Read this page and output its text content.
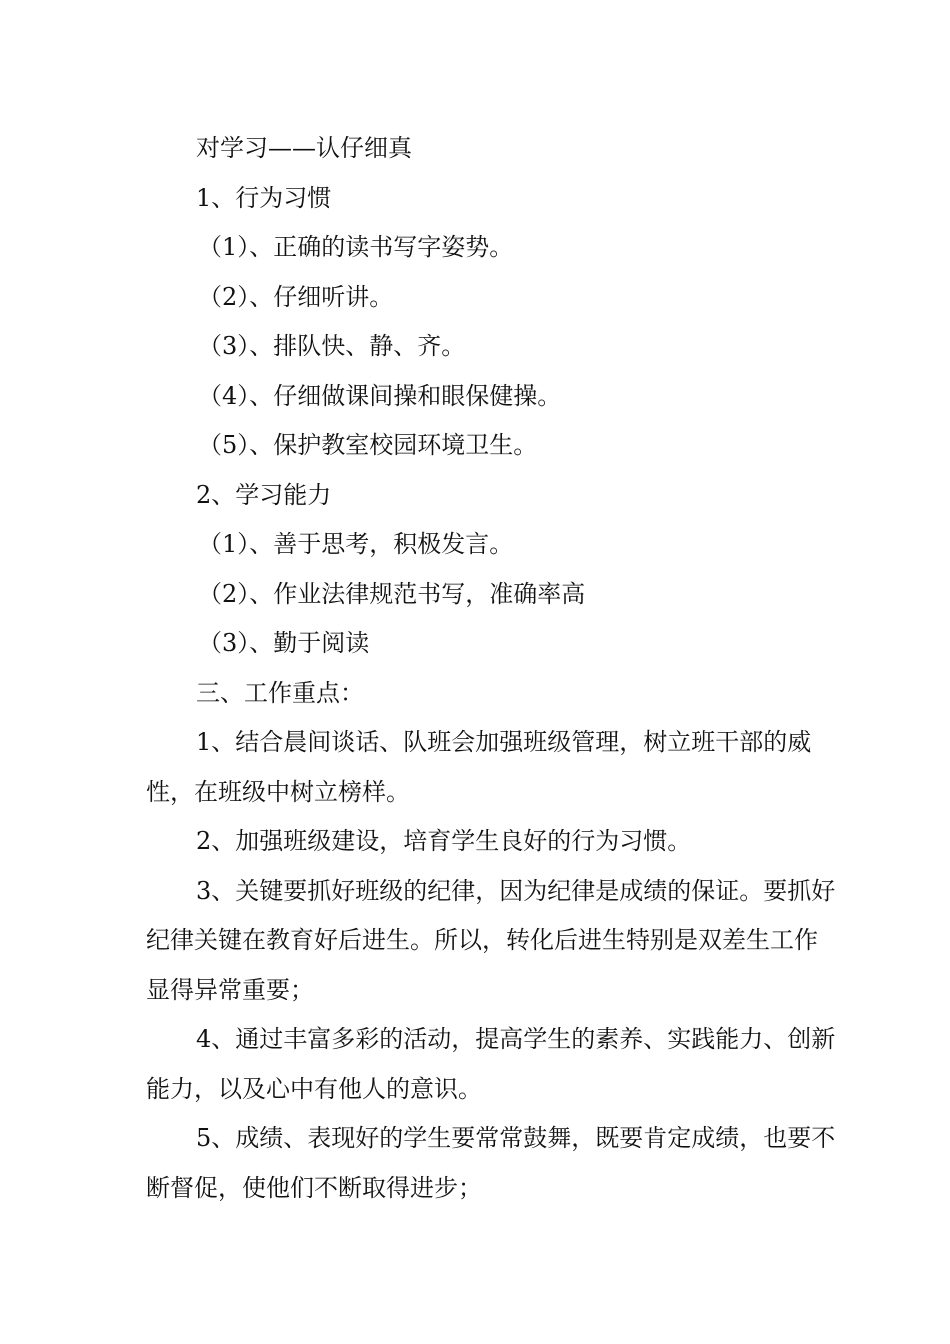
对学习——认仔细真

1、行为习惯

（1）、正确的读书写字姿势。

（2）、仔细听讲。

（3）、排队快、静、齐。

（4）、仔细做课间操和眼保健操。

（5）、保护教室校园环境卫生。

2、学习能力

（1）、善于思考，积极发言。

（2）、作业法律规范书写，准确率高

（3）、勤于阅读

三、工作重点：

1、结合晨间谈话、队班会加强班级管理，树立班干部的威性，在班级中树立榜样。

2、加强班级建设，培育学生良好的行为习惯。

3、关键要抓好班级的纪律，因为纪律是成绩的保证。要抓好纪律关键在教育好后进生。所以，转化后进生特别是双差生工作显得异常重要；

4、通过丰富多彩的活动，提高学生的素养、实践能力、创新能力，以及心中有他人的意识。

5、成绩、表现好的学生要常常鼓舞，既要肯定成绩，也要不断督促，使他们不断取得进步；
